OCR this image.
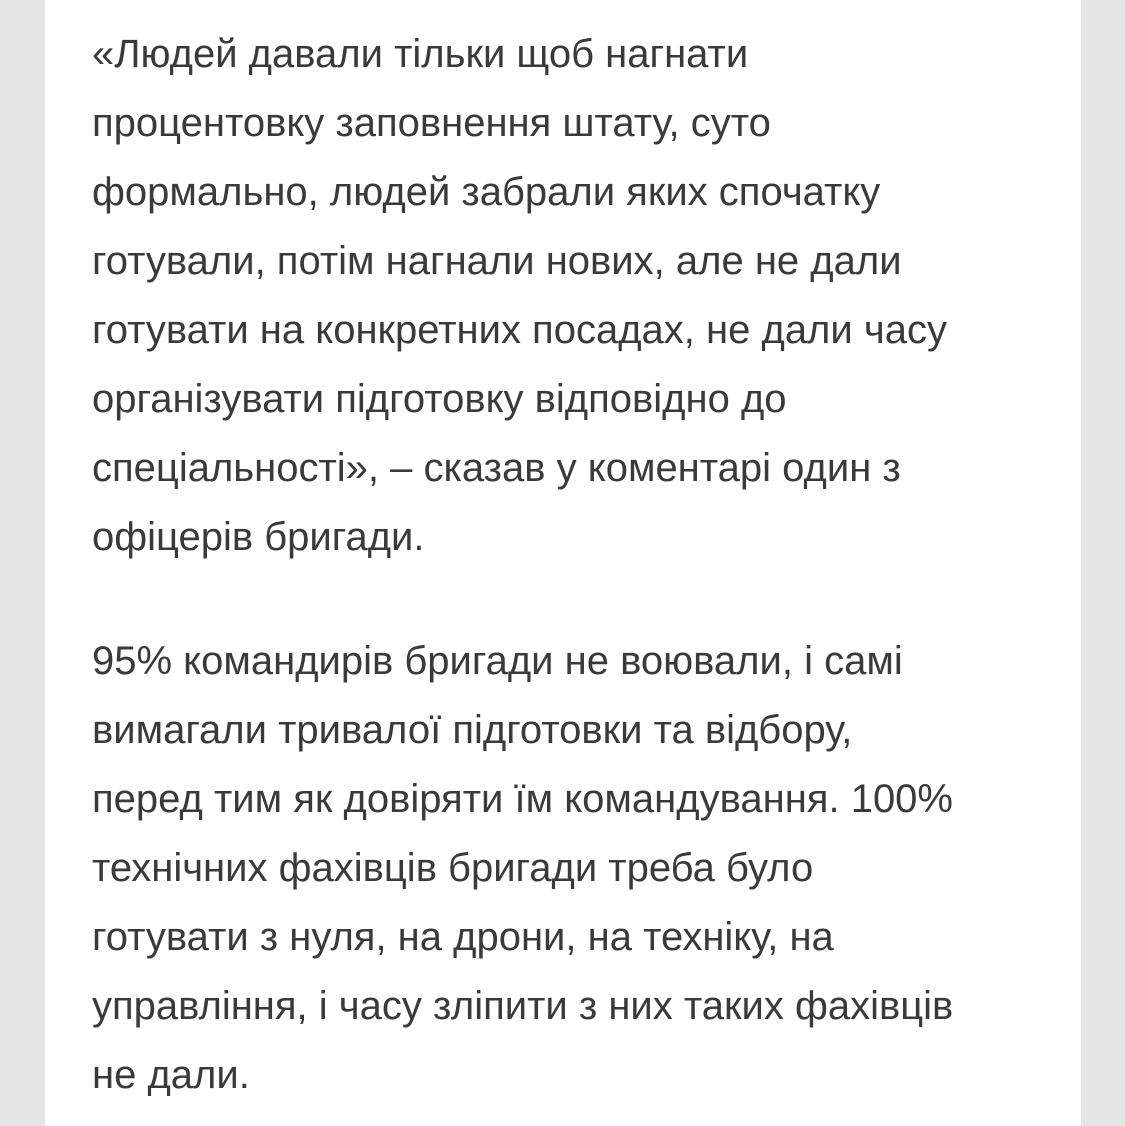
«Людей давали тільки щоб нагнати
процентовку заповнення штату, суто
формально, людей забрали яких спочатку
готували, потім нагнали нових, але не дали
готувати на конкретних посадах, не дали часу
організувати підготовку відповідно до
спеціальності», – сказав у коментарі один з
офіцерів бригади.

95% командирів бригади не воювали, і самі
вимагали тривалої підготовки та відбору,
перед тим як довіряти їм командування. 100%
технічних фахівців бригади треба було
готувати з нуля, на дрони, на техніку, на
управління, і часу зліпити з них таких фахівців
не дали.
